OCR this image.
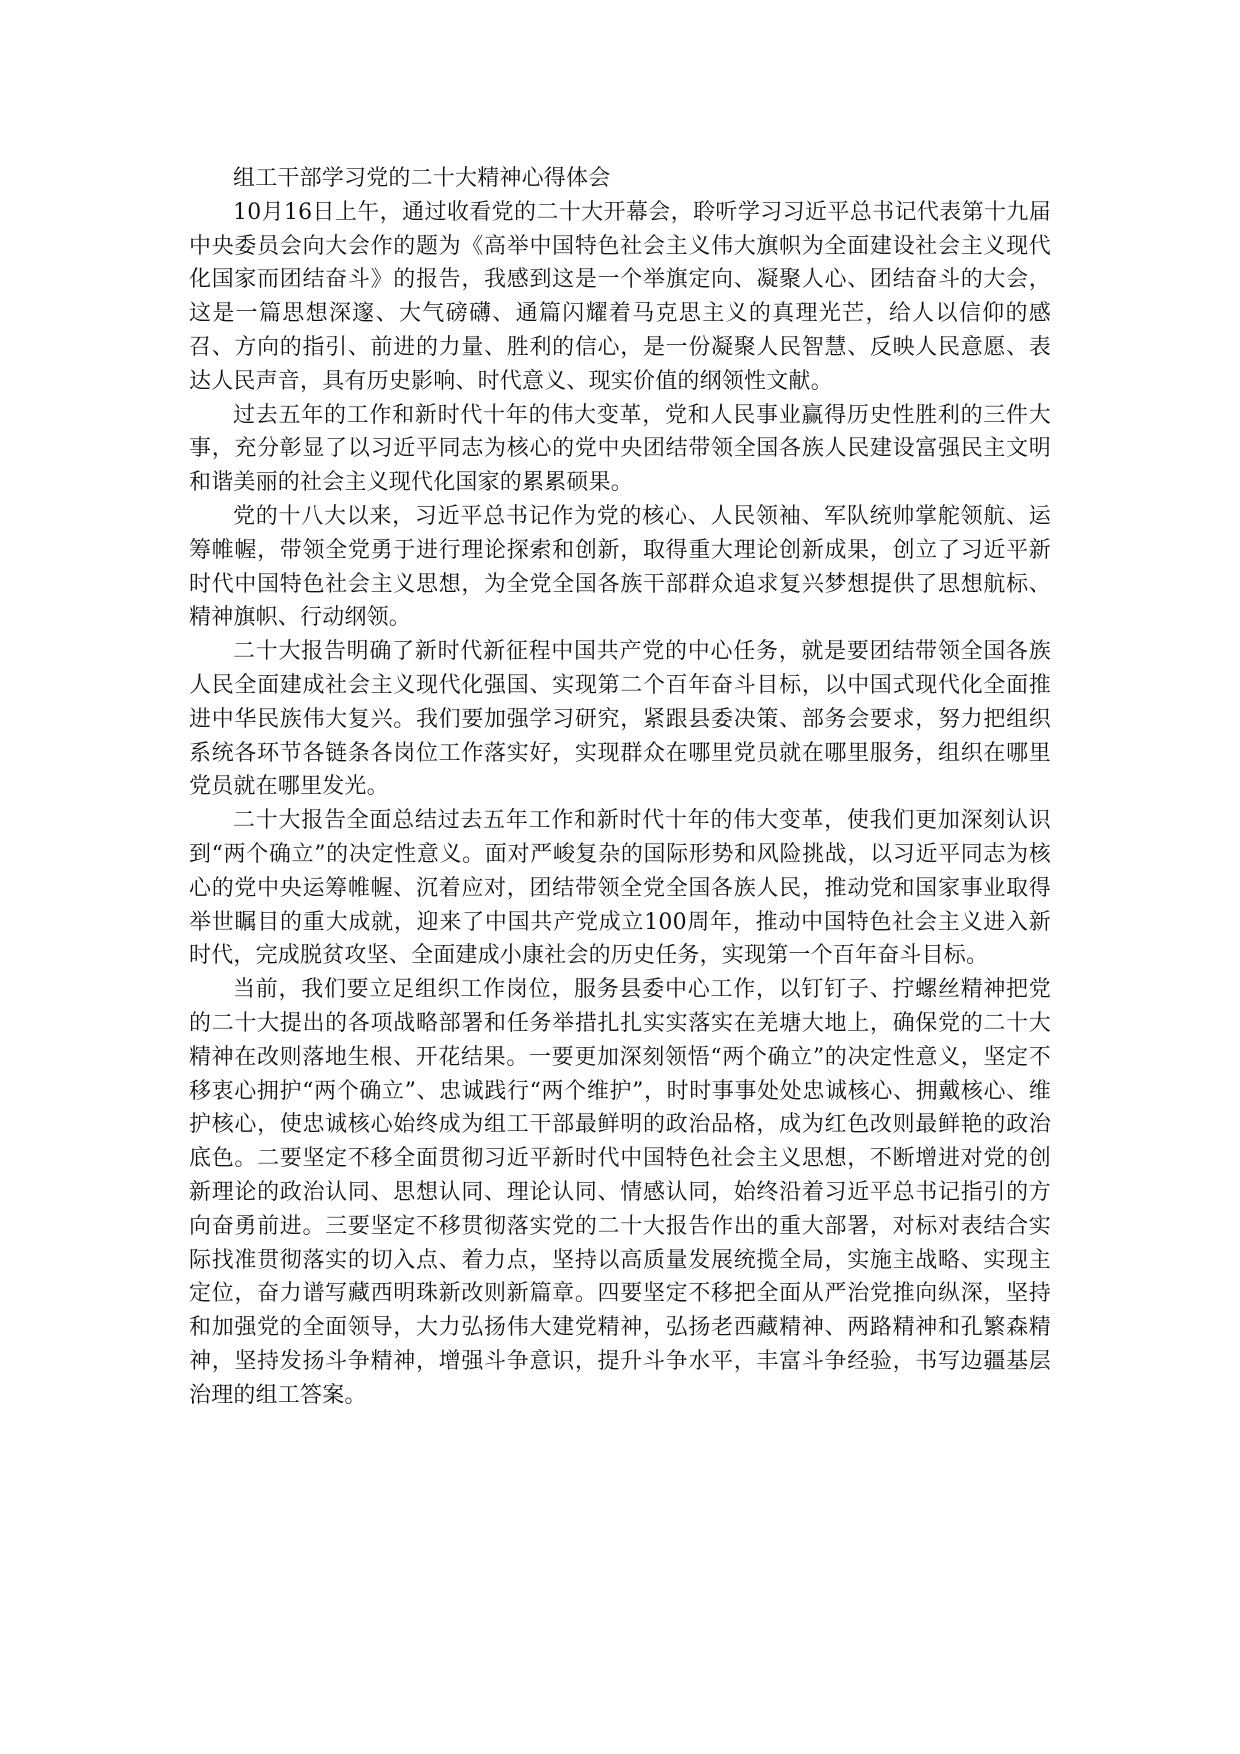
组工干部学习党的二十大精神心得体会

10月16日上午，通过收看党的二十大开幕会，聆听学习习近平总书记代表第十九届中央委员会向大会作的题为《高举中国特色社会主义伟大旗帜为全面建设社会主义现代化国家而团结奋斗》的报告，我感到这是一个举旗定向、凝聚人心、团结奋斗的大会，这是一篇思想深邃、大气磅礴、通篇闪耀着马克思主义的真理光芒，给人以信仰的感召、方向的指引、前进的力量、胜利的信心，是一份凝聚人民智慧、反映人民意愿、表达人民声音，具有历史影响、时代意义、现实价值的纲领性文献。

过去五年的工作和新时代十年的伟大变革，党和人民事业赢得历史性胜利的三件大事，充分彰显了以习近平同志为核心的党中央团结带领全国各族人民建设富强民主文明和谐美丽的社会主义现代化国家的累累硕果。

党的十八大以来，习近平总书记作为党的核心、人民领袖、军队统帅掌舵领航、运筹帷幄，带领全党勇于进行理论探索和创新，取得重大理论创新成果，创立了习近平新时代中国特色社会主义思想，为全党全国各族干部群众追求复兴梦想提供了思想航标、精神旗帜、行动纲领。

二十大报告明确了新时代新征程中国共产党的中心任务，就是要团结带领全国各族人民全面建成社会主义现代化强国、实现第二个百年奋斗目标，以中国式现代化全面推进中华民族伟大复兴。我们要加强学习研究，紧跟县委决策、部务会要求，努力把组织系统各环节各链条各岗位工作落实好，实现群众在哪里党员就在哪里服务，组织在哪里党员就在哪里发光。

二十大报告全面总结过去五年工作和新时代十年的伟大变革，使我们更加深刻认识到“两个确立”的决定性意义。面对严峻复杂的国际形势和风险挑战，以习近平同志为核心的党中央运筹帷幄、沉着应对，团结带领全党全国各族人民，推动党和国家事业取得举世瞩目的重大成就，迎来了中国共产党成立100周年，推动中国特色社会主义进入新时代，完成脱贫攻坚、全面建成小康社会的历史任务，实现第一个百年奋斗目标。

当前，我们要立足组织工作岗位，服务县委中心工作，以钉钉子、拧螺丝精神把党的二十大提出的各项战略部署和任务举措扎扎实实落实在羌塘大地上，确保党的二十大精神在改则落地生根、开花结果。一要更加深刻领悟“两个确立”的决定性意义，坚定不移衷心拥护“两个确立”、忠诚践行“两个维护”，时时事事处处忠诚核心、拥戴核心、维护核心，使忠诚核心始终成为组工干部最鲜明的政治品格，成为红色改则最鲜艳的政治底色。二要坚定不移全面贯彻习近平新时代中国特色社会主义思想，不断增进对党的创新理论的政治认同、思想认同、理论认同、情感认同，始终沿着习近平总书记指引的方向奋勇前进。三要坚定不移贯彻落实党的二十大报告作出的重大部署，对标对表结合实际找准贯彻落实的切入点、着力点，坚持以高质量发展统揽全局，实施主战略、实现主定位，奋力谱写藏西明珠新改则新篇章。四要坚定不移把全面从严治党推向纵深，坚持和加强党的全面领导，大力弘扬伟大建党精神，弘扬老西藏精神、两路精神和孔繁森精神，坚持发扬斗争精神，增强斗争意识，提升斗争水平，丰富斗争经验，书写边疆基层治理的组工答案。
